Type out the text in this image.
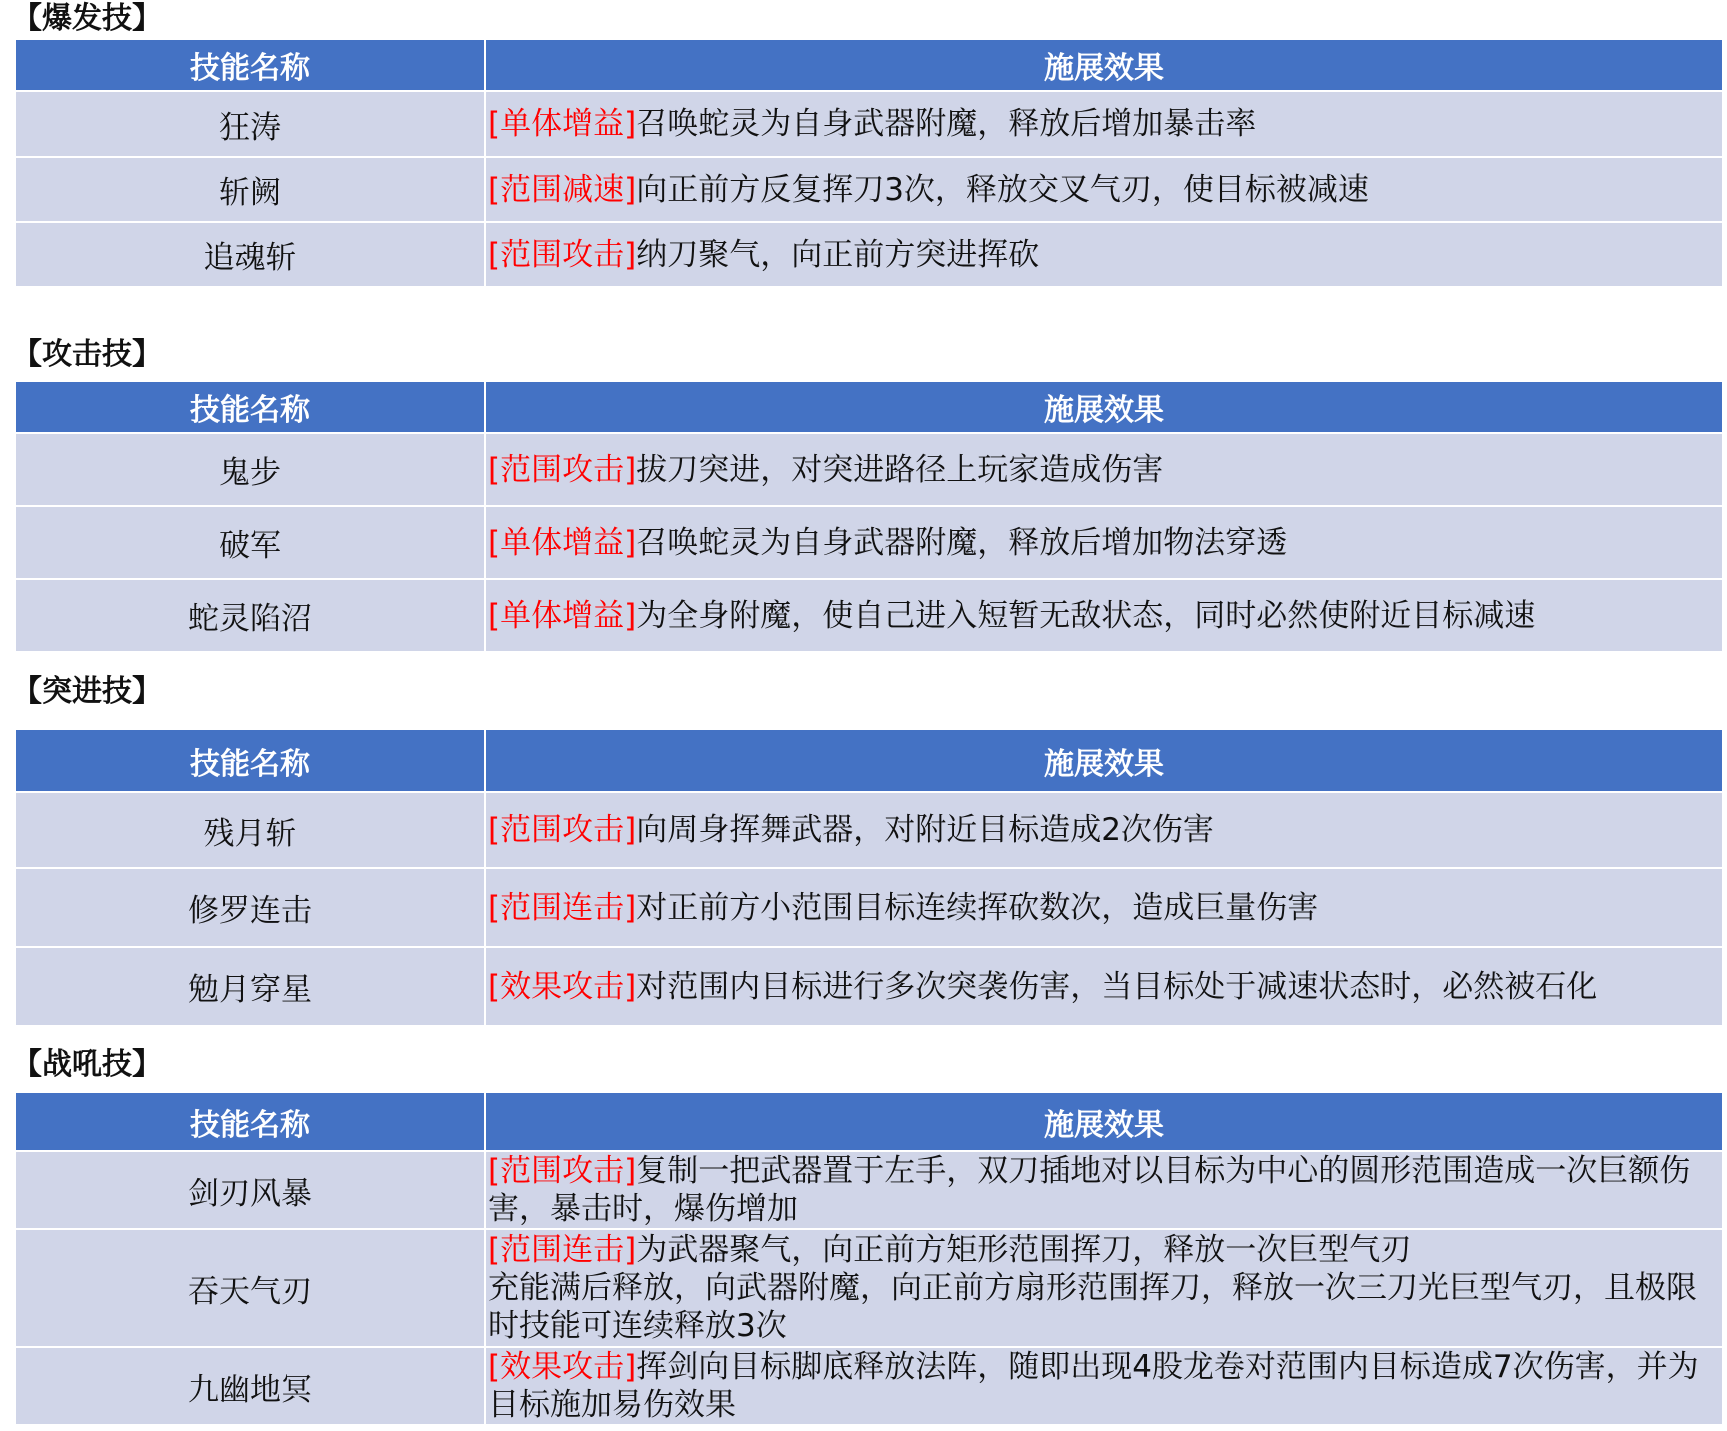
【爆发技】
技能名称	施展效果
狂涛	[单体增益]召唤蛇灵为自身武器附魔，释放后增加暴击率
斩阙	[范围减速]向正前方反复挥刀3次，释放交叉气刃，使目标被减速
追魂斩	[范围攻击]纳刀聚气，向正前方突进挥砍
【攻击技】
技能名称	施展效果
鬼步	[范围攻击]拔刀突进，对突进路径上玩家造成伤害
破军	[单体增益]召唤蛇灵为自身武器附魔，释放后增加物法穿透
蛇灵陷沼	[单体增益]为全身附魔，使自己进入短暂无敌状态，同时必然使附近目标减速
【突进技】
技能名称	施展效果
残月斩	[范围攻击]向周身挥舞武器，对附近目标造成2次伤害
修罗连击	[范围连击]对正前方小范围目标连续挥砍数次，造成巨量伤害
勉月穿星	[效果攻击]对范围内目标进行多次突袭伤害，当目标处于减速状态时，必然被石化
【战吼技】
技能名称	施展效果
剑刃风暴	[范围攻击]复制一把武器置于左手，双刀插地对以目标为中心的圆形范围造成一次巨额伤害，暴击时，爆伤增加
吞天气刃	[范围连击]为武器聚气，向正前方矩形范围挥刀，释放一次巨型气刃
充能满后释放，向武器附魔，向正前方扇形范围挥刀，释放一次三刀光巨型气刃，且极限时技能可连续释放3次
九幽地冥	[效果攻击]挥剑向目标脚底释放法阵，随即出现4股龙卷对范围内目标造成7次伤害，并为目标施加易伤效果
